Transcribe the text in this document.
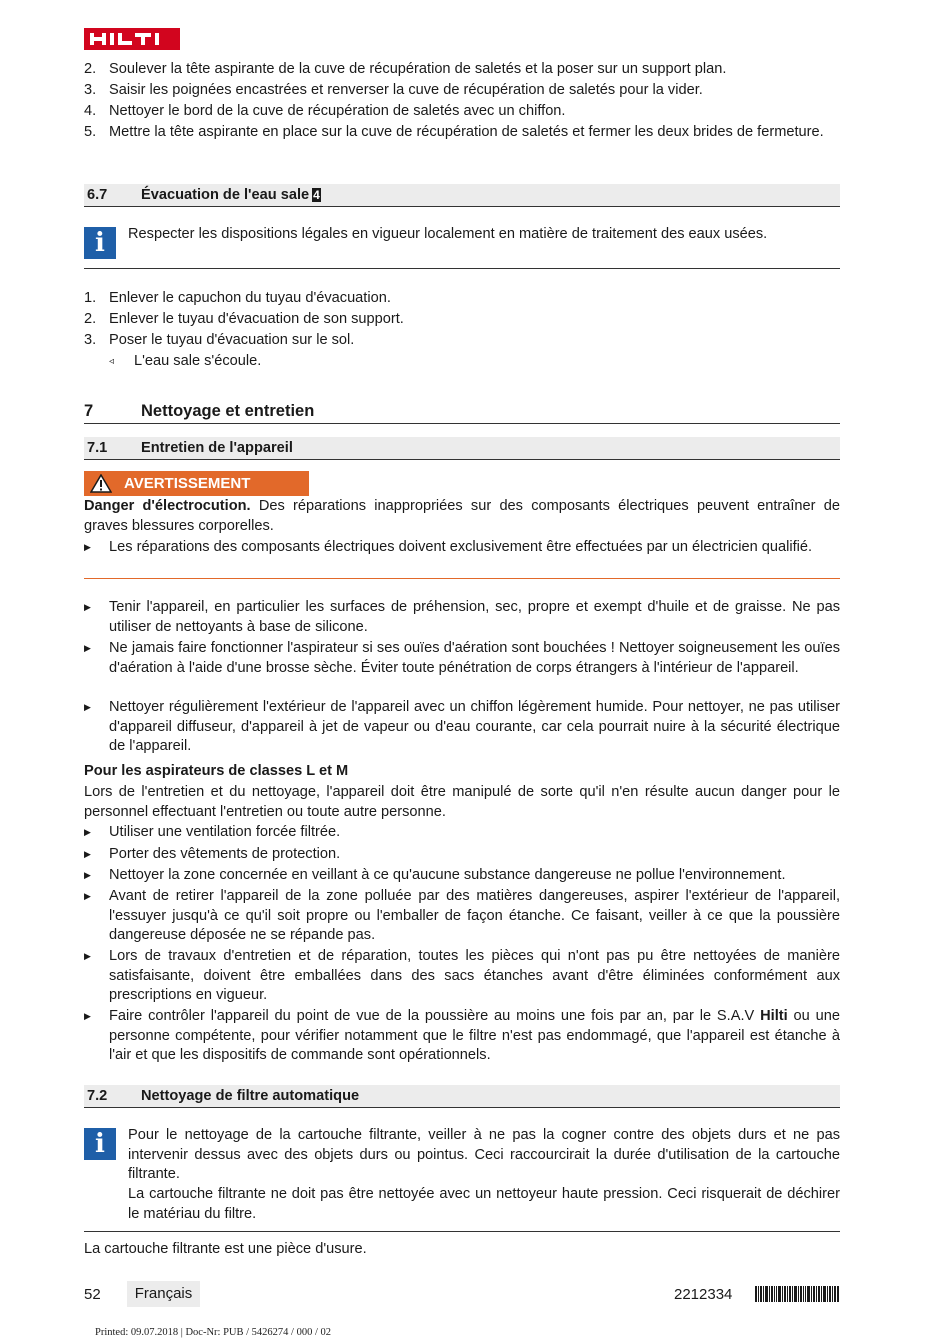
2. Soulever la tête aspirante de la cuve de récupération de saletés et la poser sur un support plan.
3. Saisir les poignées encastrées et renverser la cuve de récupération de saletés pour la vider.
4. Nettoyer le bord de la cuve de récupération de saletés avec un chiffon.
5. Mettre la tête aspirante en place sur la cuve de récupération de saletés et fermer les deux brides de fermeture.
6.7 Évacuation de l'eau sale 4
i	Respecter les dispositions légales en vigueur localement en matière de traitement des eaux usées.
1. Enlever le capuchon du tuyau d'évacuation.
2. Enlever le tuyau d'évacuation de son support.
3. Poser le tuyau d'évacuation sur le sol.
◃ L'eau sale s'écoule.
7	Nettoyage et entretien
7.1 Entretien de l'appareil
AVERTISSEMENT
Danger d'électrocution. Des réparations inappropriées sur des composants électriques peuvent entraîner de graves blessures corporelles.
▶ Les réparations des composants électriques doivent exclusivement être effectuées par un électricien qualifié.
▶ Tenir l'appareil, en particulier les surfaces de préhension, sec, propre et exempt d'huile et de graisse. Ne pas utiliser de nettoyants à base de silicone.
▶ Ne jamais faire fonctionner l'aspirateur si ses ouïes d'aération sont bouchées ! Nettoyer soigneusement les ouïes d'aération à l'aide d'une brosse sèche. Éviter toute pénétration de corps étrangers à l'intérieur de l'appareil.
▶ Nettoyer régulièrement l'extérieur de l'appareil avec un chiffon légèrement humide. Pour nettoyer, ne pas utiliser d'appareil diffuseur, d'appareil à jet de vapeur ou d'eau courante, car cela pourrait nuire à la sécurité électrique de l'appareil.
Pour les aspirateurs de classes L et M
Lors de l'entretien et du nettoyage, l'appareil doit être manipulé de sorte qu'il n'en résulte aucun danger pour le personnel effectuant l'entretien ou toute autre personne.
▶ Utiliser une ventilation forcée filtrée.
▶ Porter des vêtements de protection.
▶ Nettoyer la zone concernée en veillant à ce qu'aucune substance dangereuse ne pollue l'environnement.
▶ Avant de retirer l'appareil de la zone polluée par des matières dangereuses, aspirer l'extérieur de l'appareil, l'essuyer jusqu'à ce qu'il soit propre ou l'emballer de façon étanche. Ce faisant, veiller à ce que la poussière dangereuse déposée ne se répande pas.
▶ Lors de travaux d'entretien et de réparation, toutes les pièces qui n'ont pas pu être nettoyées de manière satisfaisante, doivent être emballées dans des sacs étanches avant d'être éliminées conformément aux prescriptions en vigueur.
▶ Faire contrôler l'appareil du point de vue de la poussière au moins une fois par an, par le S.A.V Hilti ou une personne compétente, pour vérifier notamment que le filtre n'est pas endommagé, que l'appareil est étanche à l'air et que les dispositifs de commande sont opérationnels.
7.2 Nettoyage de filtre automatique
i	Pour le nettoyage de la cartouche filtrante, veiller à ne pas la cogner contre des objets durs et ne pas intervenir dessus avec des objets durs ou pointus. Ceci raccourcirait la durée d'utilisation de la cartouche filtrante.
La cartouche filtrante ne doit pas être nettoyée avec un nettoyeur haute pression. Ceci risquerait de déchirer le matériau du filtre.
La cartouche filtrante est une pièce d'usure.
52	Français	2212334
Printed: 09.07.2018 | Doc-Nr: PUB / 5426274 / 000 / 02
